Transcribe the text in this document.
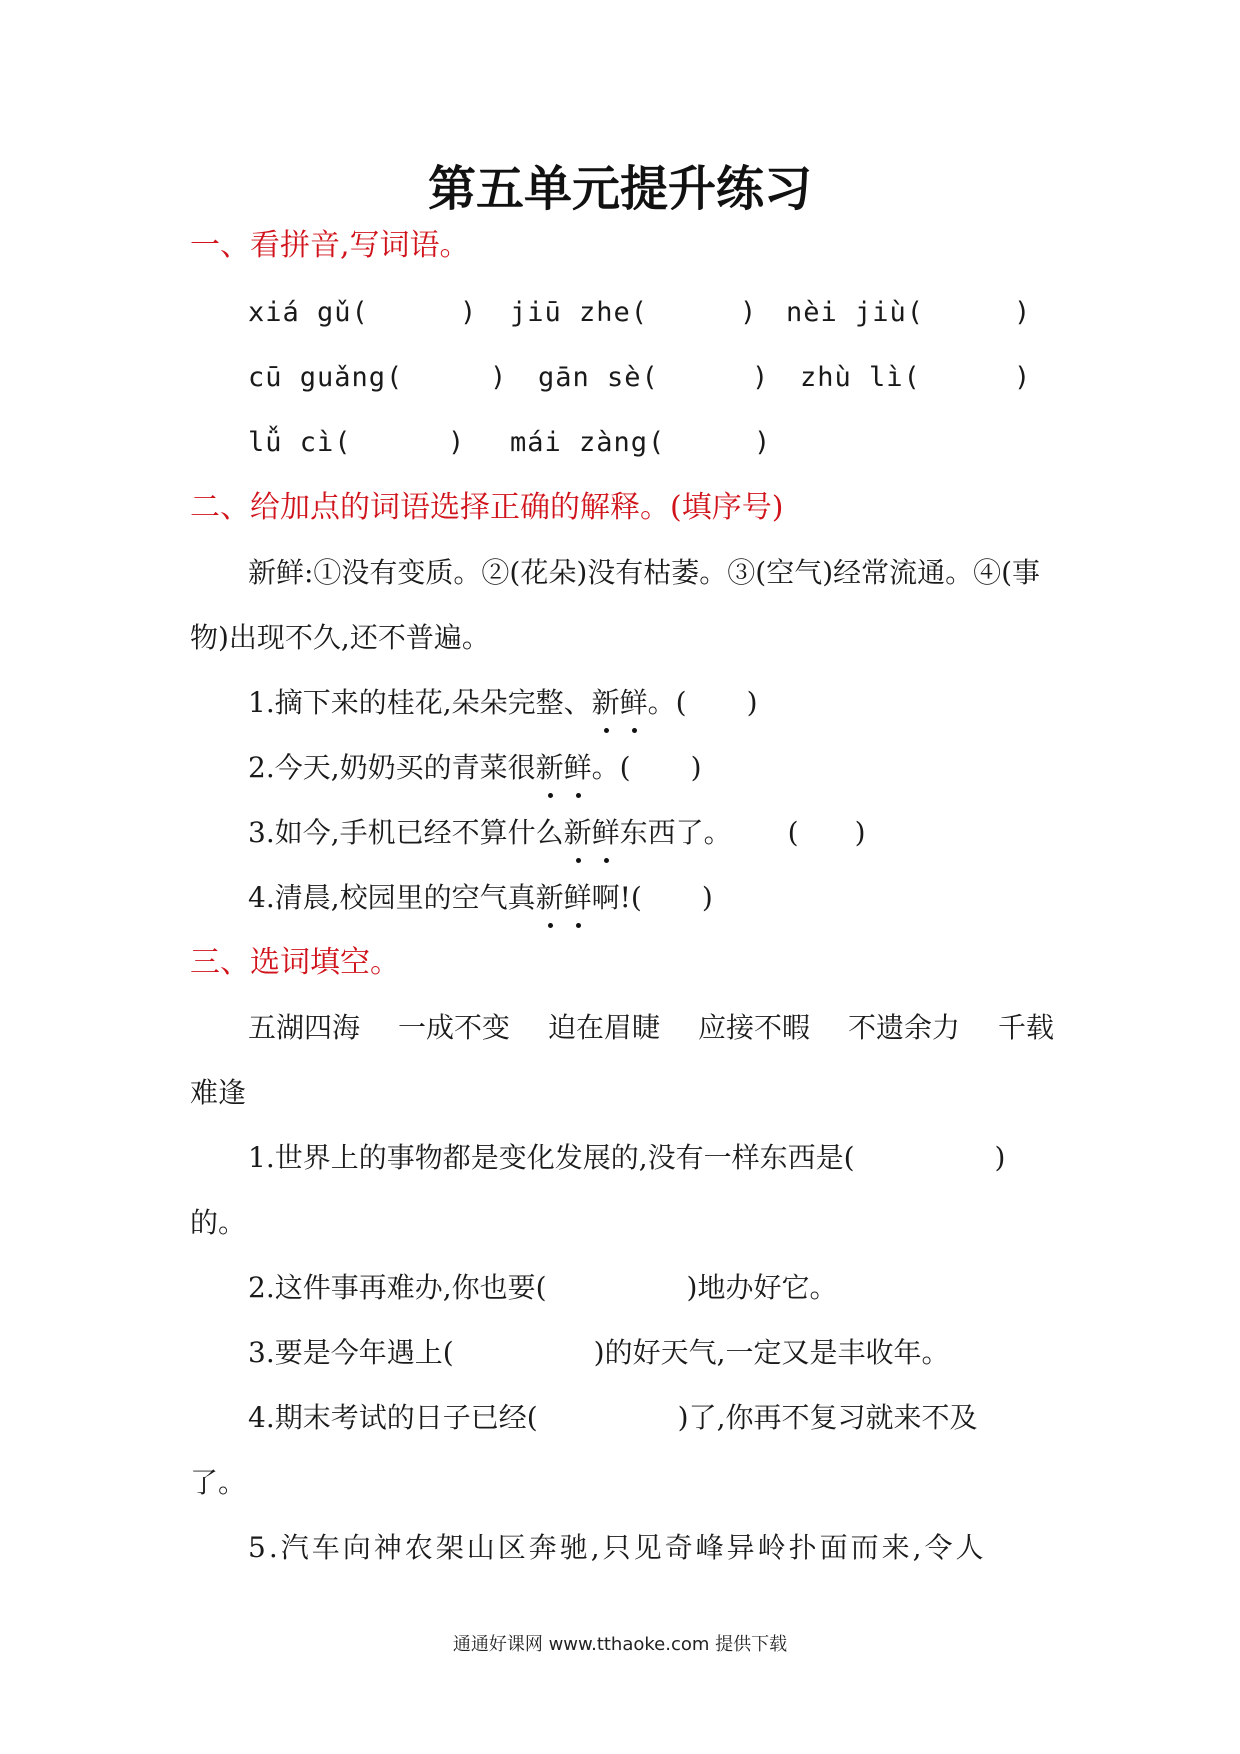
第五单元提升练习
一、看拼音,写词语。
xiá gǔ(	) jiū zhe(	) nèi jiù(	)
cū guǎng(	) gān sè(	) zhù lì(	)
lǚ cì(	) mái zàng(	)
二、给加点的词语选择正确的解释。(填序号)
新鲜:①没有变质。②(花朵)没有枯萎。③(空气)经常流通。④(事
物)出现不久,还不普遍。
1.摘下来的桂花,朵朵完整、新鲜。( )
2.今天,奶奶买的青菜很新鲜。( )
3.如今,手机已经不算什么新鲜东西了。 ( )
4.清晨,校园里的空气真新鲜啊!( )
三、选词填空。
五湖四海 一成不变 迫在眉睫 应接不暇 不遗余力 千载
难逢
1.世界上的事物都是变化发展的,没有一样东西是(	)
的。
2.这件事再难办,你也要(	)地办好它。
3.要是今年遇上(	)的好天气,一定又是丰收年。
4.期末考试的日子已经(	)了,你再不复习就来不及
了。
5.汽车向神农架山区奔驰,只见奇峰异岭扑面而来,令人
通通好课网 www.tthaoke.com 提供下载
